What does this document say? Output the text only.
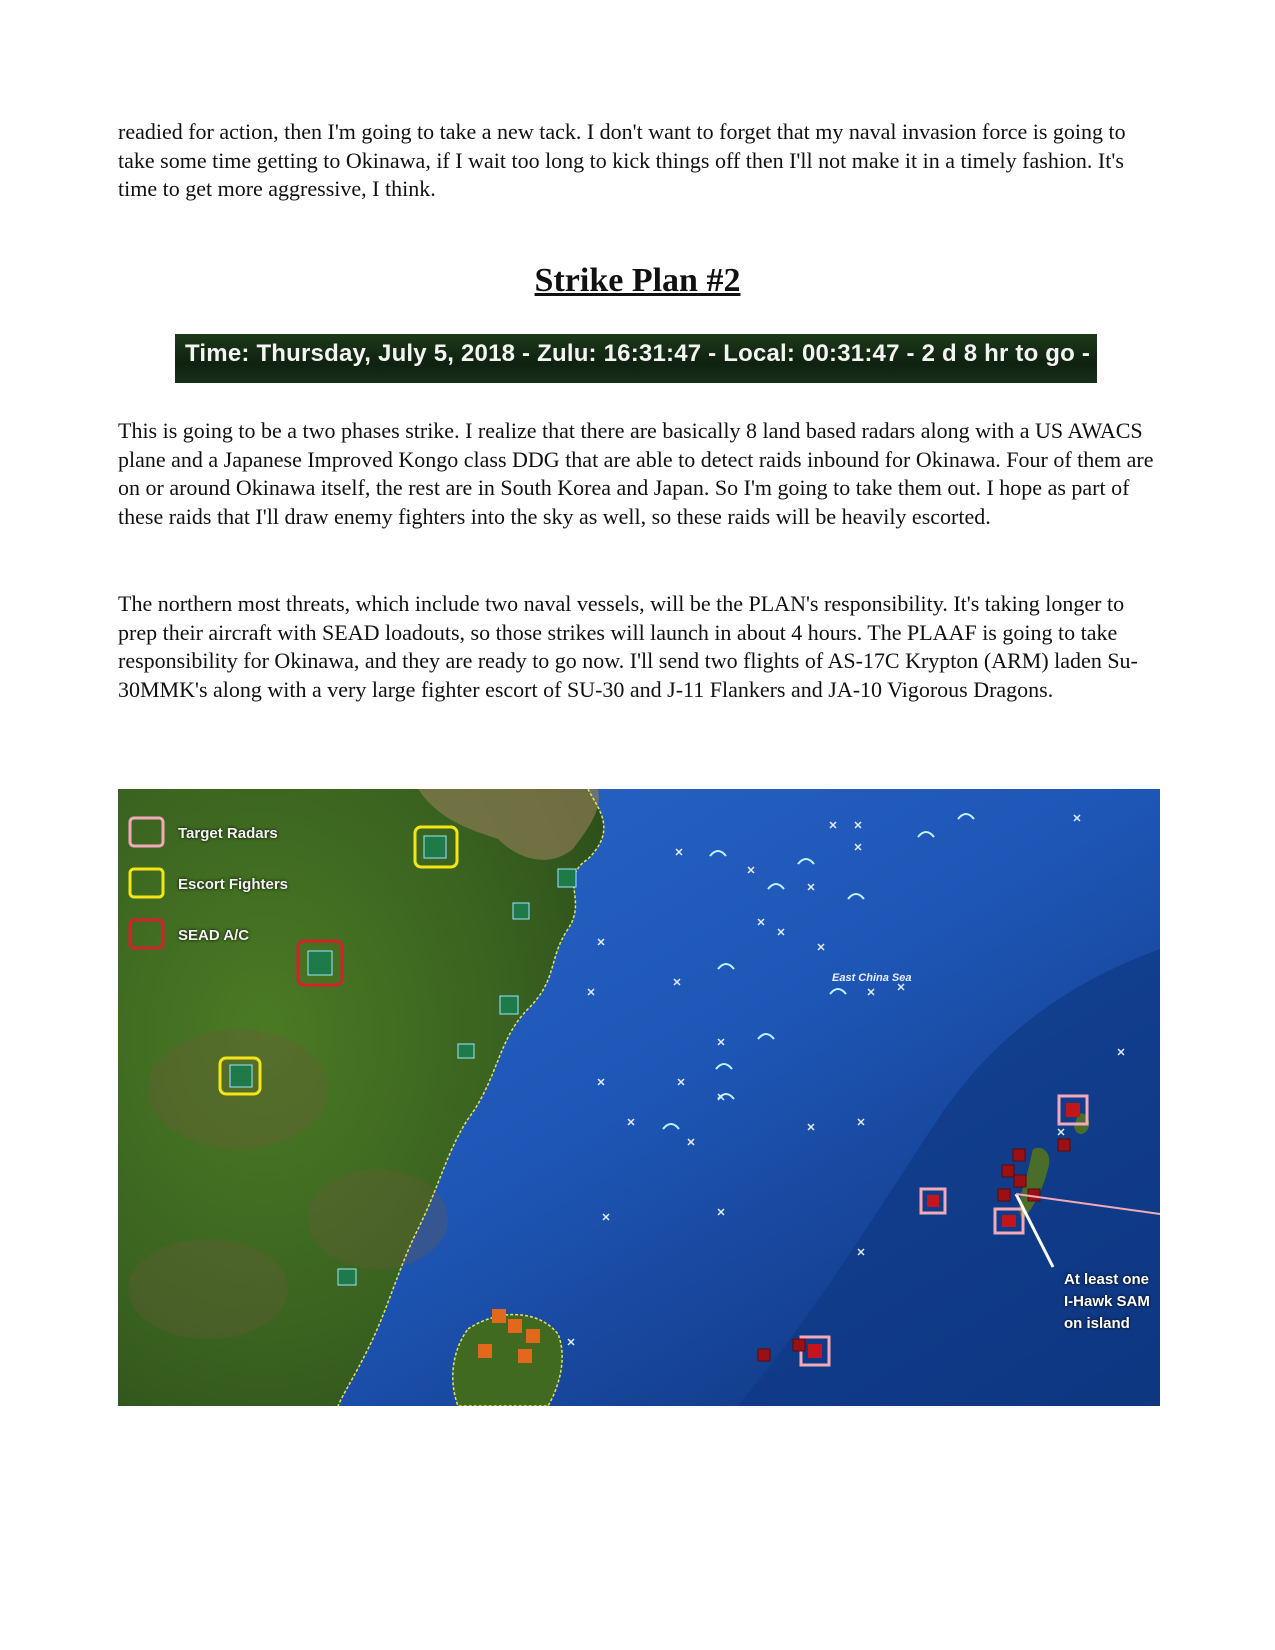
readied for action, then I'm going to take a new tack. I don't want to forget that my naval invasion force is going to take some time getting to Okinawa, if I wait too long to kick things off then I'll not make it in a timely fashion. It's time to get more aggressive, I think.

Strike Plan #2
Time: Thursday, July 5, 2018 - Zulu: 16:31:47 - Local: 00:31:47 - 2 d 8 hr to go -

This is going to be a two phases strike. I realize that there are basically 8 land based radars along with a US AWACS plane and a Japanese Improved Kongo class DDG that are able to detect raids inbound for Okinawa. Four of them are on or around Okinawa itself, the rest are in South Korea and Japan. So I'm going to take them out. I hope as part of these raids that I'll draw enemy fighters into the sky as well, so these raids will be heavily escorted.

The northern most threats, which include two naval vessels, will be the PLAN's responsibility. It's taking longer to prep their aircraft with SEAD loadouts, so those strikes will launch in about 4 hours. The PLAAF is going to take responsibility for Okinawa, and they are ready to go now. I'll send two flights of AS-17C Krypton (ARM) laden Su-30MMK's along with a very large fighter escort of SU-30 and J-11 Flankers and JA-10 Vigorous Dragons.

Target Radars
Escort Fighters
SEAD A/C
East China Sea
At least one
I-Hawk SAM
on island
